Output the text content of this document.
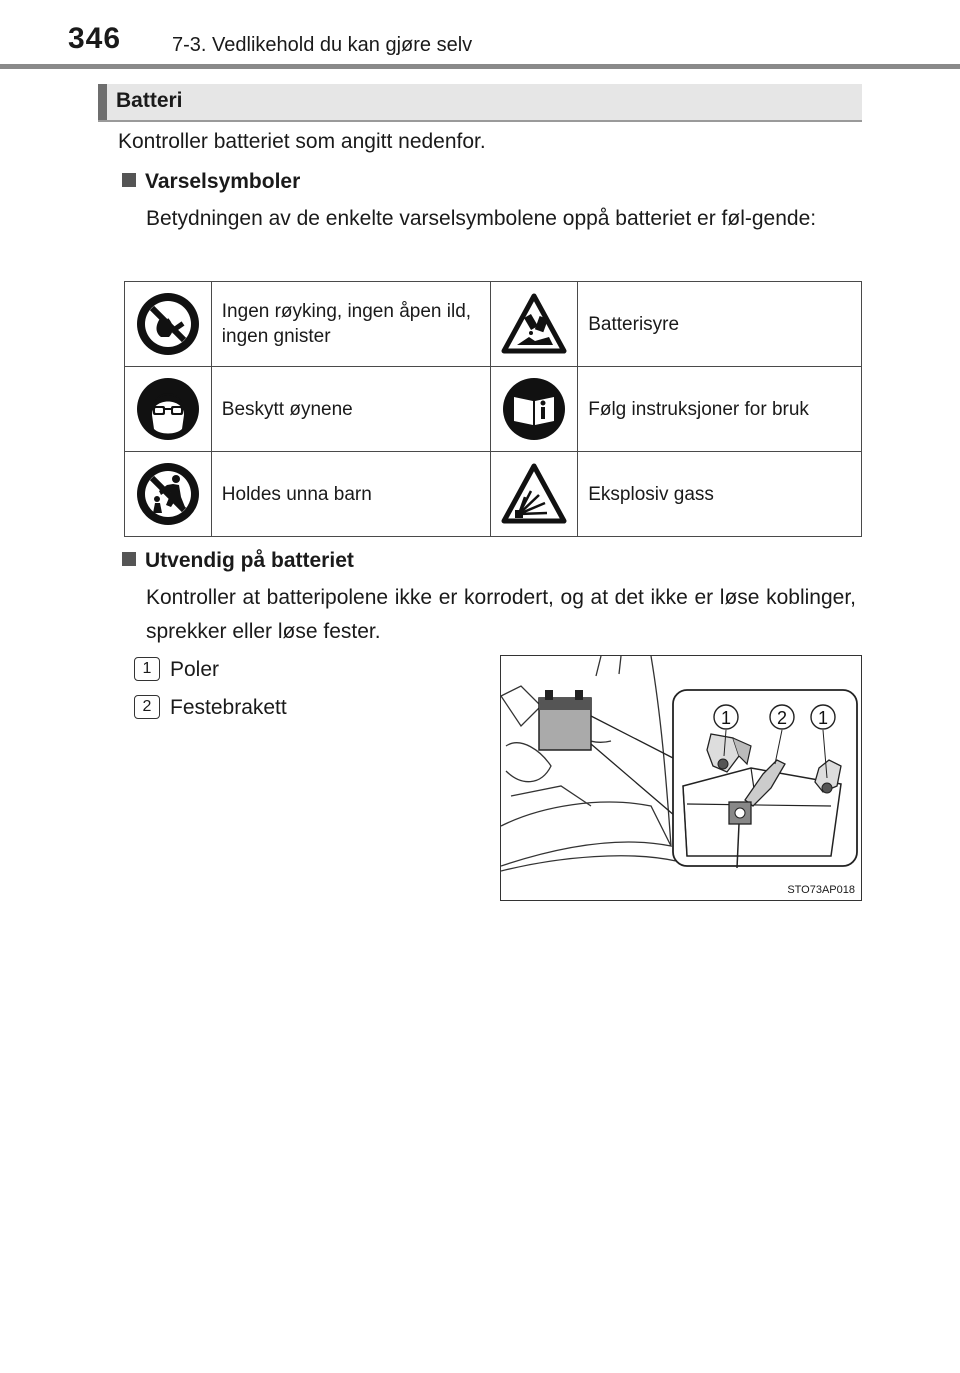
346	7-3. Vedlikehold du kan gjøre selv
Batteri
Kontroller batteriet som angitt nedenfor.
Varselsymboler
Betydningen av de enkelte varselsymbolene oppå batteriet er føl-gende:
	Ingen røyking, ingen åpen ild, ingen gnister		Batterisyre

	Beskytt øynene		Følg instruksjoner for bruk

	Holdes unna barn		Eksplosiv gass
Utvendig på batteriet
Kontroller at batteripolene ikke er korrodert, og at det ikke er løse koblinger, sprekker eller løse fester.
1 Poler
2 Festebrakett	1	2 1
STO73AP018
